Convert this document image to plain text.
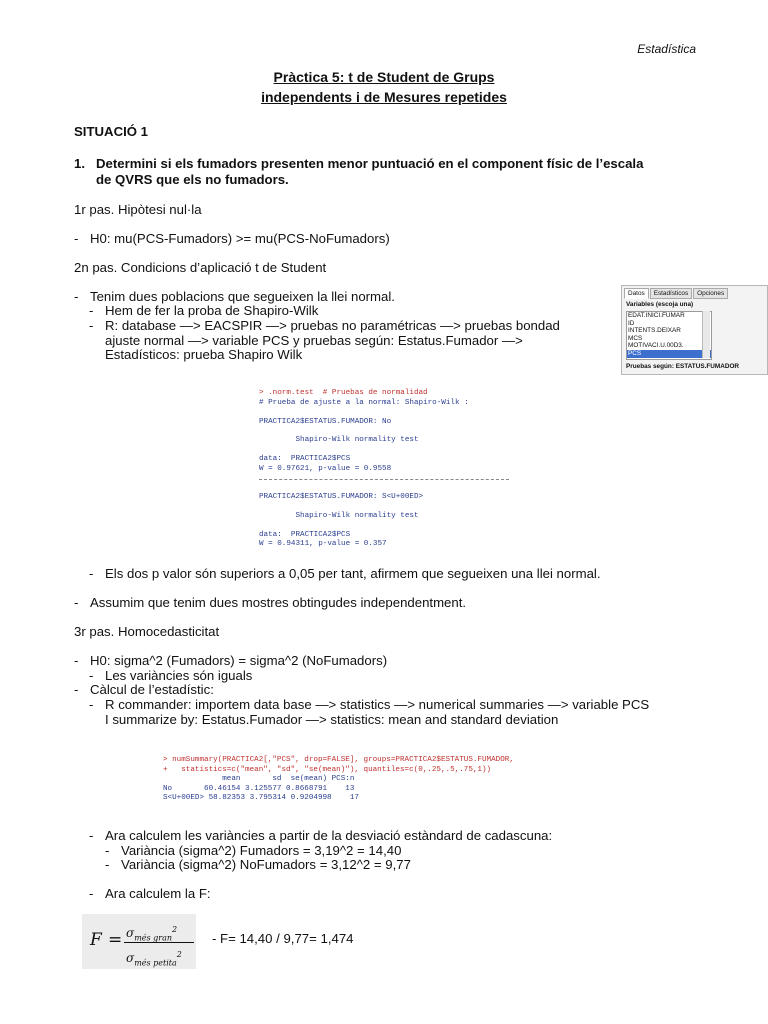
Estadística
Pràctica 5: t de Student de Grups
independents i de Mesures repetides
SITUACIÓ 1
1. Determini si els fumadors presenten menor puntuació en el component físic de l’escala
de QVRS que els no fumadors.
1r pas. Hipòtesi nul·la
- H0: mu(PCS-Fumadors) >= mu(PCS-NoFumadors)
2n pas. Condicions d’aplicació t de Student
- Tenim dues poblacions que segueixen la llei normal.
- Hem de fer la proba de Shapiro-Wilk
- R: database —> EACSPIR —> pruebas no paramétricas —> pruebas bondad
ajuste normal —> variable PCS y pruebas según: Estatus.Fumador —>
Estadísticos: prueba Shapiro Wilk
Datos	Estadísticos	Opciones
Variables (escoja una)
EDAT.INICI.FUMAR
ID
INTENTS.DEIXAR
MCS
MOTIVACI.U.00D3.
PCS
Pruebas según: ESTATUS.FUMADOR

> .norm.test  # Pruebas de normalidad
# Prueba de ajuste a la normal: Shapiro-Wilk :

PRACTICA2$ESTATUS.FUMADOR: No

Shapiro-Wilk normality test

data:  PRACTICA2$PCS
W = 0.97621, p-value = 0.9558

PRACTICA2$ESTATUS.FUMADOR: S<U+00ED>

Shapiro-Wilk normality test

data:  PRACTICA2$PCS
W = 0.94311, p-value = 0.357

- Els dos p valor són superiors a 0,05 per tant, afirmem que segueixen una llei normal.
- Assumim que tenim dues mostres obtingudes independentment.
3r pas. Homocedasticitat
- H0: sigma^2 (Fumadors) = sigma^2 (NoFumadors)
- Les variàncies són iguals
- Càlcul de l’estadístic:
- R commander: importem data base —> statistics —> numerical summaries —> variable PCS
I summarize by: Estatus.Fumador —> statistics: mean and standard deviation

> numSummary(PRACTICA2[,"PCS", drop=FALSE], groups=PRACTICA2$ESTATUS.FUMADOR,
+   statistics=c("mean", "sd", "se(mean)"), quantiles=c(0,.25,.5,.75,1))
mean       sd  se(mean) PCS:n
No       60.46154 3.125577 0.8668791    13
S<U+00ED> 58.82353 3.795314 0.9204998    17

- Ara calculem les variàncies a partir de la desviació estàndard de cadascuna:
- Variància (sigma^2) Fumadors = 3,19^2 = 14,40
- Variància (sigma^2) NoFumadors = 3,12^2 = 9,77
- Ara calculem la F:
$F = \sigma_{més gran}^2$
$\sigma_{més petita}^2$
- F= 14,40 / 9,77= 1,474
